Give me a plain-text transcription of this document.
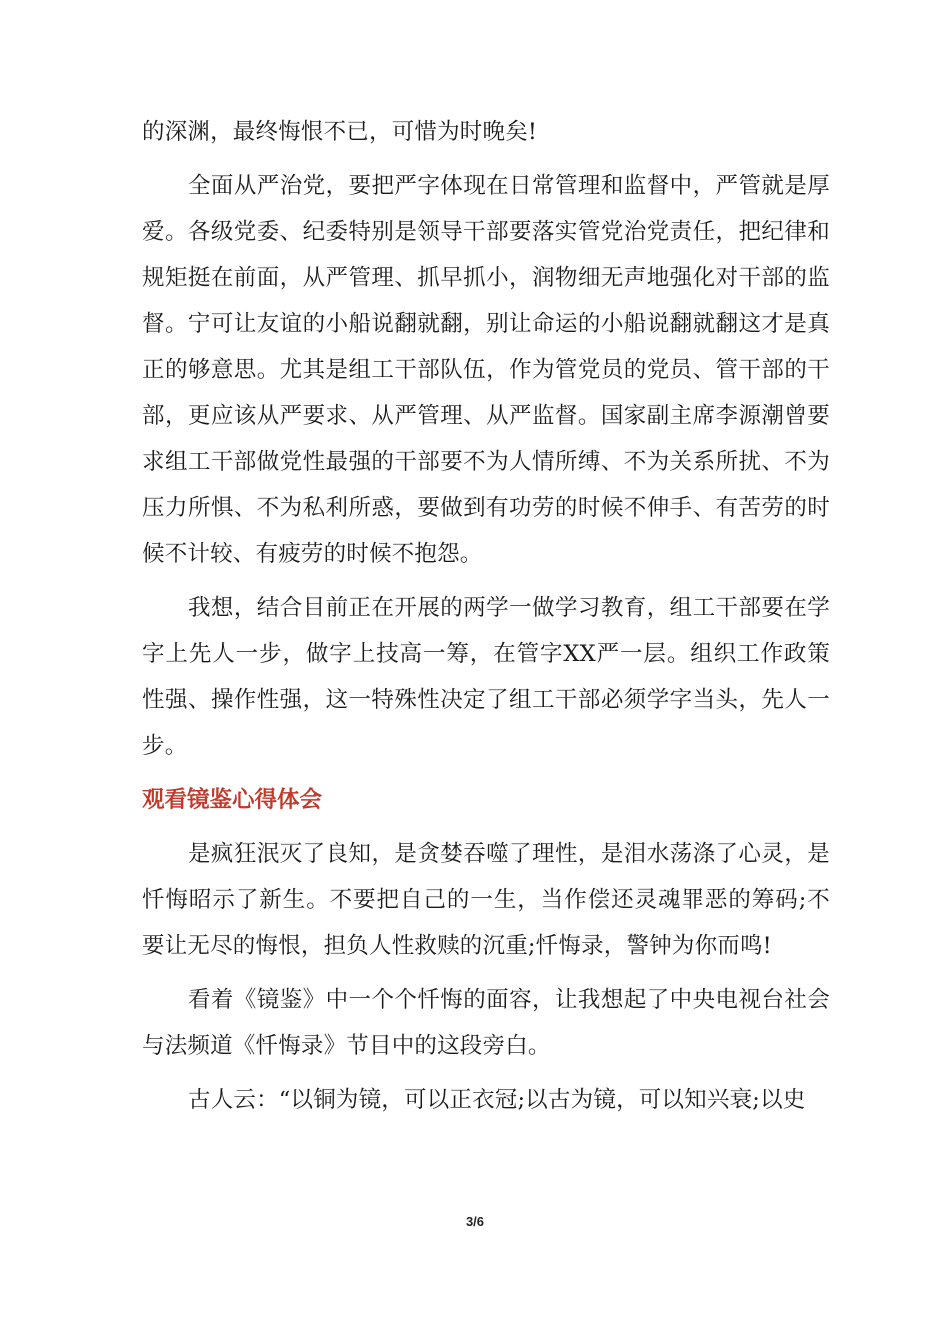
的深渊，最终悔恨不已，可惜为时晚矣!

全面从严治党，要把严字体现在日常管理和监督中，严管就是厚爱。各级党委、纪委特别是领导干部要落实管党治党责任，把纪律和规矩挺在前面，从严管理、抓早抓小，润物细无声地强化对干部的监督。宁可让友谊的小船说翻就翻，别让命运的小船说翻就翻这才是真正的够意思。尤其是组工干部队伍，作为管党员的党员、管干部的干部，更应该从严要求、从严管理、从严监督。国家副主席李源潮曾要求组工干部做党性最强的干部要不为人情所缚、不为关系所扰、不为压力所惧、不为私利所惑，要做到有功劳的时候不伸手、有苦劳的时候不计较、有疲劳的时候不抱怨。

我想，结合目前正在开展的两学一做学习教育，组工干部要在学字上先人一步，做字上技高一筹，在管字XX严一层。组织工作政策性强、操作性强，这一特殊性决定了组工干部必须学字当头，先人一步。

观看镜鉴心得体会

是疯狂泯灭了良知，是贪婪吞噬了理性，是泪水荡涤了心灵，是忏悔昭示了新生。不要把自己的一生，当作偿还灵魂罪恶的筹码;不要让无尽的悔恨，担负人性救赎的沉重;忏悔录，警钟为你而鸣!

看着《镜鉴》中一个个忏悔的面容，让我想起了中央电视台社会与法频道《忏悔录》节目中的这段旁白。

古人云：“以铜为镜，可以正衣冠;以古为镜，可以知兴衰;以史

3/6
